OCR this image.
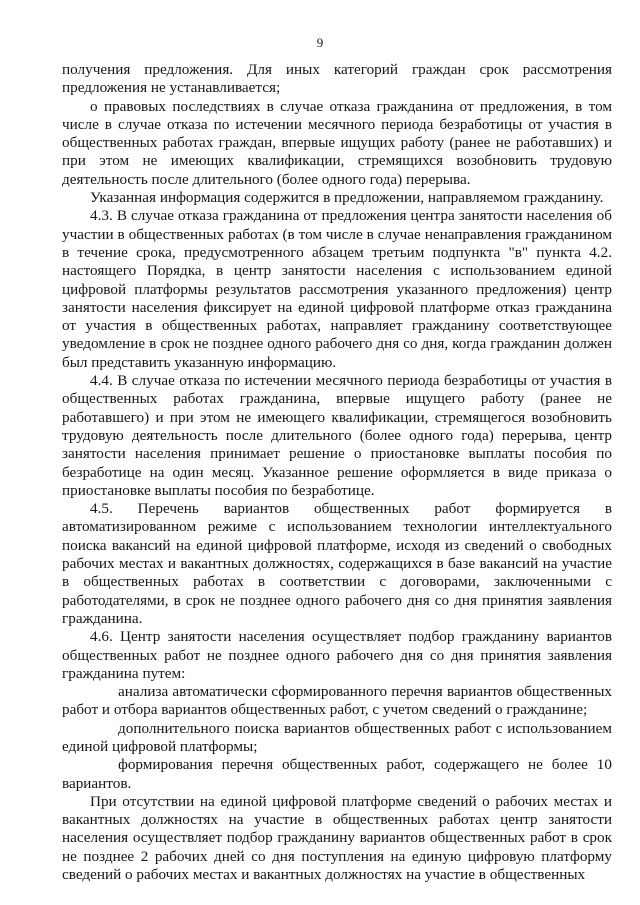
9

получения предложения. Для иных категорий граждан срок рассмотрения предложения не устанавливается;

о правовых последствиях в случае отказа гражданина от предложения, в том числе в случае отказа по истечении месячного периода безработицы от участия в общественных работах граждан, впервые ищущих работу (ранее не работавших) и при этом не имеющих квалификации, стремящихся возобновить трудовую деятельность после длительного (более одного года) перерыва.

Указанная информация содержится в предложении, направляемом гражданину.

4.3. В случае отказа гражданина от предложения центра занятости населения об участии в общественных работах (в том числе в случае ненаправления гражданином в течение срока, предусмотренного абзацем третьим подпункта "в" пункта 4.2. настоящего Порядка, в центр занятости населения с использованием единой цифровой платформы результатов рассмотрения указанного предложения) центр занятости населения фиксирует на единой цифровой платформе отказ гражданина от участия в общественных работах, направляет гражданину соответствующее уведомление в срок не позднее одного рабочего дня со дня, когда гражданин должен был представить указанную информацию.

4.4. В случае отказа по истечении месячного периода безработицы от участия в общественных работах гражданина, впервые ищущего работу (ранее не работавшего) и при этом не имеющего квалификации, стремящегося возобновить трудовую деятельность после длительного (более одного года) перерыва, центр занятости населения принимает решение о приостановке выплаты пособия по безработице на один месяц. Указанное решение оформляется в виде приказа о приостановке выплаты пособия по безработице.

4.5. Перечень вариантов общественных работ формируется в автоматизированном режиме с использованием технологии интеллектуального поиска вакансий на единой цифровой платформе, исходя из сведений о свободных рабочих местах и вакантных должностях, содержащихся в базе вакансий на участие в общественных работах в соответствии с договорами, заключенными с работодателями, в срок не позднее одного рабочего дня со дня принятия заявления гражданина.

4.6. Центр занятости населения осуществляет подбор гражданину вариантов общественных работ не позднее одного рабочего дня со дня принятия заявления гражданина путем:

анализа автоматически сформированного перечня вариантов общественных работ и отбора вариантов общественных работ, с учетом сведений о гражданине;

дополнительного поиска вариантов общественных работ с использованием единой цифровой платформы;

формирования перечня общественных работ, содержащего не более 10 вариантов.

При отсутствии на единой цифровой платформе сведений о рабочих местах и вакантных должностях на участие в общественных работах центр занятости населения осуществляет подбор гражданину вариантов общественных работ в срок не позднее 2 рабочих дней со дня поступления на единую цифровую платформу сведений о рабочих местах и вакантных должностях на участие в общественных
